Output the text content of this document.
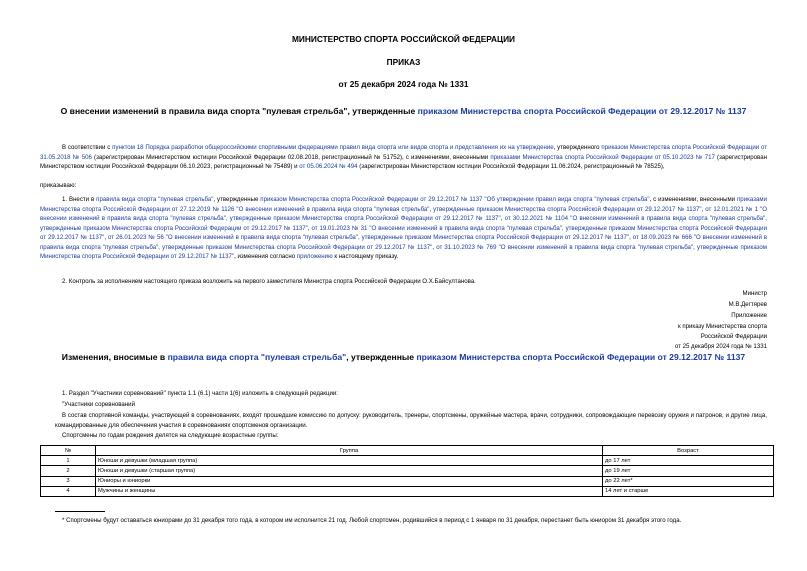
МИНИСТЕРСТВО СПОРТА РОССИЙСКОЙ ФЕДЕРАЦИИ
ПРИКАЗ
от 25 декабря 2024 года № 1331
О внесении изменений в правила вида спорта "пулевая стрельба", утвержденные приказом Министерства спорта Российской Федерации от 29.12.2017 № 1137
В соответствии с пунктом 18 Порядка разработки общероссийскими спортивными федерациями правил вида спорта или видов спорта и представления их на утверждение, утвержденного приказом Министерства спорта Российской Федерации от 31.05.2018 № 506 (зарегистрирован Министерством юстиции Российской Федерации 02.08.2018, регистрационный № 51752), с изменениями, внесенными приказами Министерства спорта Российской Федерации от 05.10.2023 № 717 (зарегистрирован Министерством юстиции Российской Федерации 06.10.2023, регистрационный № 75489) и от 05.06.2024 № 494 (зарегистрирован Министерством юстиции Российской Федерации 11.06.2024, регистрационный № 78525),
приказываю:
1. Внести в правила вида спорта "пулевая стрельба", утвержденные приказом Министерства спорта Российской Федерации от 29.12.2017 № 1137 "Об утверждении правил вида спорта "пулевая стрельба", с изменениями, внесенными приказами Министерства спорта Российской Федерации от 27.12.2019 № 1126 "О внесении изменений в правила вида спорта "пулевая стрельба", утвержденные приказом Министерства спорта Российской Федерации от 29.12.2017 № 1137", от 12.01.2021 № 1 "О внесении изменений в правила вида спорта "пулевая стрельба", утвержденные приказом Министерства спорта Российской Федерации от 29.12.2017 № 1137", от 30.12.2021 № 1104 "О внесении изменений в правила вида спорта "пулевая стрельба", утвержденные приказом Министерства спорта Российской Федерации от 29.12.2017 № 1137", от 19.01.2023 № 31 "О внесении изменений в правила вида спорта "пулевая стрельба", утвержденные приказом Министерства спорта Российской Федерации от 29.12.2017 № 1137", от 26.01.2023 № 56 "О внесении изменений в правила вида спорта "пулевая стрельба", утвержденные приказом Министерства спорта Российской Федерации от 29.12.2017 № 1137", от 18.09.2023 № 666 "О внесении изменений в правила вида спорта "пулевая стрельба", утвержденные приказом Министерства спорта Российской Федерации от 29.12.2017 № 1137", от 31.10.2023 № 769 "О внесении изменений в правила вида спорта "пулевая стрельба", утвержденные приказом Министерства спорта Российской Федерации от 29.12.2017 № 1137", изменения согласно приложению к настоящему приказу.
2. Контроль за исполнением настоящего приказа возложить на первого заместителя Министра спорта Российской Федерации О.Х.Байсултанова.
Министр
М.В.Дегтярев
Приложение
к приказу Министерства спорта
Российской Федерации
от 25 декабря 2024 года № 1331
Изменения, вносимые в правила вида спорта "пулевая стрельба", утвержденные приказом Министерства спорта Российской Федерации от 29.12.2017 № 1137
1. Раздел "Участники соревнований" пункта 1.1 (6.1) части 1(6) изложить в следующей редакции:
"Участники соревнований
В состав спортивной команды, участвующей в соревнованиях, входят прошедшие комиссию по допуску: руководитель, тренеры, спортсмены, оружейные мастера, врачи, сотрудники, сопровождающие перевозку оружия и патронов, и другие лица, командированные для обеспечения участия в соревнованиях спортсменов организации.
Спортсмены по годам рождения делятся на следующие возрастные группы:
№	Группа	Возраст
1	Юноши и девушки (младшая группа)	до 17 лет
2	Юноши и девушки (старшая группа)	до 19 лет
3	Юниоры и юниорки	до 22 лет*
4	Мужчины и женщины	14 лет и старше
* Спортсмены будут оставаться юниорами до 31 декабря того года, в котором им исполнится 21 год. Любой спортсмен, родившийся в период с 1 января по 31 декабря, перестанет быть юниором 31 декабря этого года.
